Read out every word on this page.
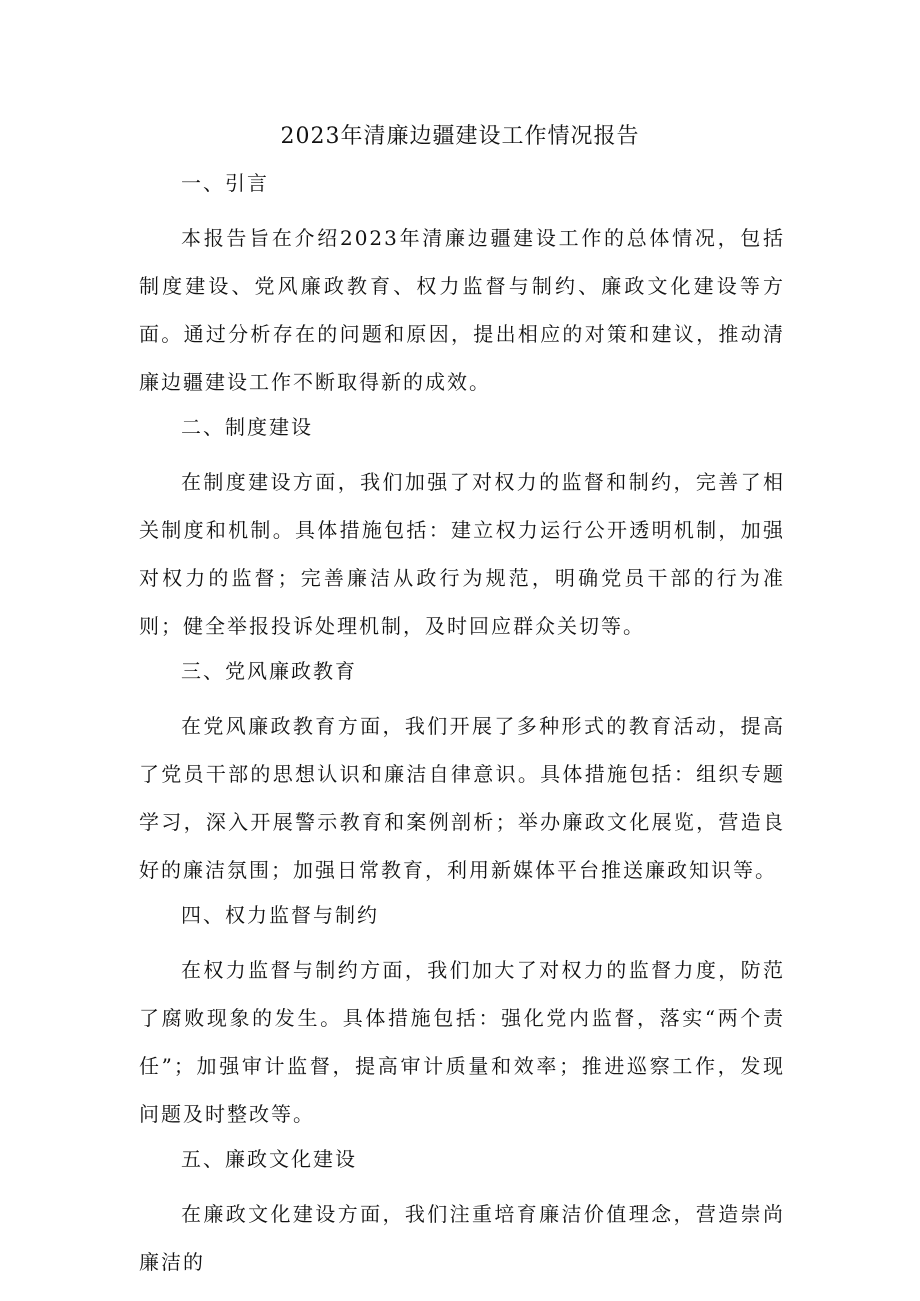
2023年清廉边疆建设工作情况报告
一、引言

本报告旨在介绍2023年清廉边疆建设工作的总体情况，包括制度建设、党风廉政教育、权力监督与制约、廉政文化建设等方面。通过分析存在的问题和原因，提出相应的对策和建议，推动清廉边疆建设工作不断取得新的成效。

二、制度建设

在制度建设方面，我们加强了对权力的监督和制约，完善了相关制度和机制。具体措施包括：建立权力运行公开透明机制，加强对权力的监督；完善廉洁从政行为规范，明确党员干部的行为准则；健全举报投诉处理机制，及时回应群众关切等。

三、党风廉政教育

在党风廉政教育方面，我们开展了多种形式的教育活动，提高了党员干部的思想认识和廉洁自律意识。具体措施包括：组织专题学习，深入开展警示教育和案例剖析；举办廉政文化展览，营造良好的廉洁氛围；加强日常教育，利用新媒体平台推送廉政知识等。

四、权力监督与制约

在权力监督与制约方面，我们加大了对权力的监督力度，防范了腐败现象的发生。具体措施包括：强化党内监督，落实“两个责任”；加强审计监督，提高审计质量和效率；推进巡察工作，发现问题及时整改等。

五、廉政文化建设

在廉政文化建设方面，我们注重培育廉洁价值理念，营造崇尚廉洁的
